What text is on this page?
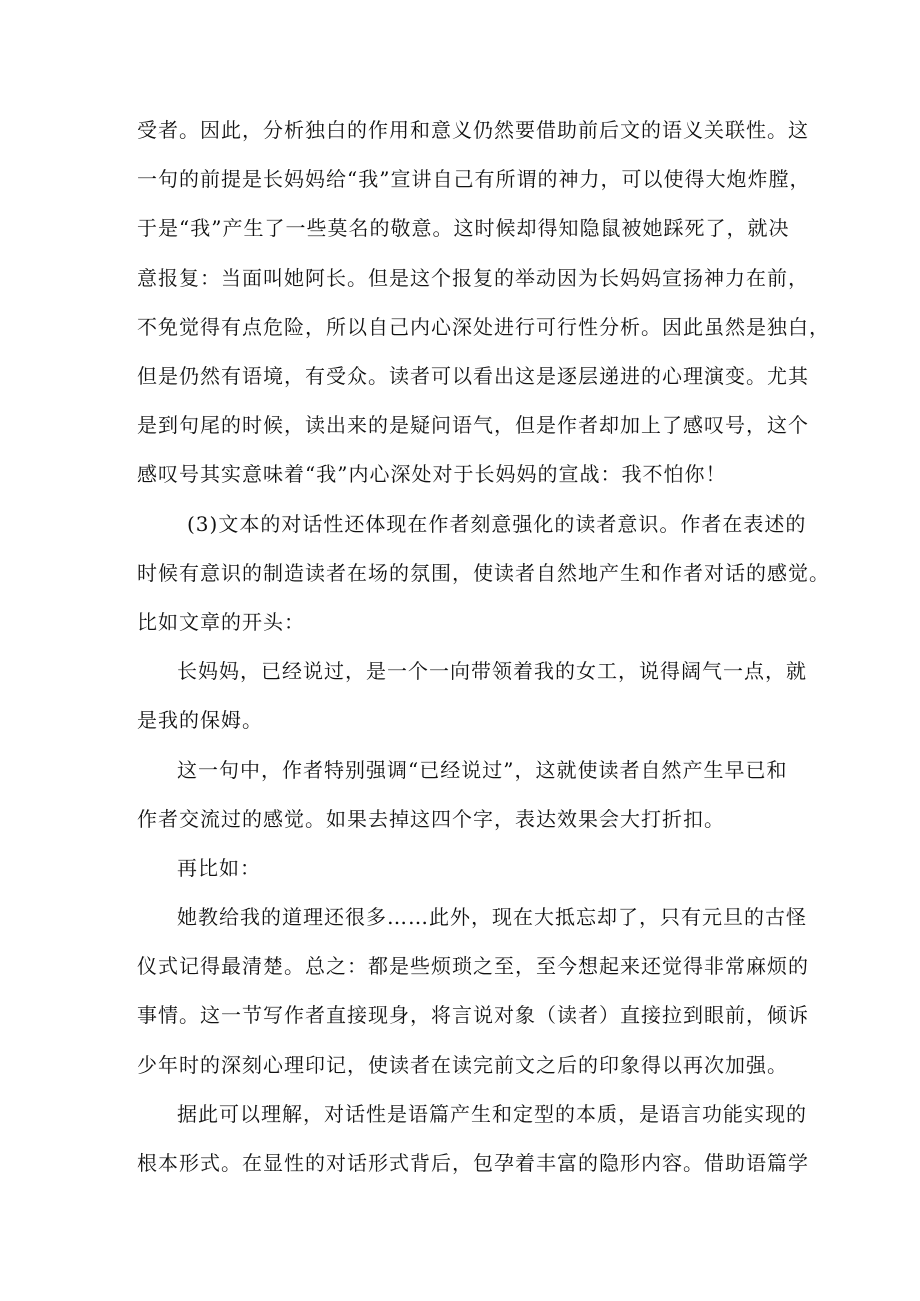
受者。因此，分析独白的作用和意义仍然要借助前后文的语义关联性。这
一句的前提是长妈妈给“我”宣讲自己有所谓的神力，可以使得大炮炸膛，
于是“我”产生了一些莫名的敬意。这时候却得知隐鼠被她踩死了，就决
意报复：当面叫她阿长。但是这个报复的举动因为长妈妈宣扬神力在前，
不免觉得有点危险，所以自己内心深处进行可行性分析。因此虽然是独白，
但是仍然有语境，有受众。读者可以看出这是逐层递进的心理演变。尤其
是到句尾的时候，读出来的是疑问语气，但是作者却加上了感叹号，这个
感叹号其实意味着“我”内心深处对于长妈妈的宣战：我不怕你！
(3)文本的对话性还体现在作者刻意强化的读者意识。作者在表述的
时候有意识的制造读者在场的氛围，使读者自然地产生和作者对话的感觉。
比如文章的开头：
长妈妈，已经说过，是一个一向带领着我的女工，说得阔气一点，就
是我的保姆。
这一句中，作者特别强调“已经说过”，这就使读者自然产生早已和
作者交流过的感觉。如果去掉这四个字，表达效果会大打折扣。
再比如：
她教给我的道理还很多……此外，现在大抵忘却了，只有元旦的古怪
仪式记得最清楚。总之：都是些烦琐之至，至今想起来还觉得非常麻烦的
事情。这一节写作者直接现身，将言说对象（读者）直接拉到眼前，倾诉
少年时的深刻心理印记，使读者在读完前文之后的印象得以再次加强。
据此可以理解，对话性是语篇产生和定型的本质，是语言功能实现的
根本形式。在显性的对话形式背后，包孕着丰富的隐形内容。借助语篇学
